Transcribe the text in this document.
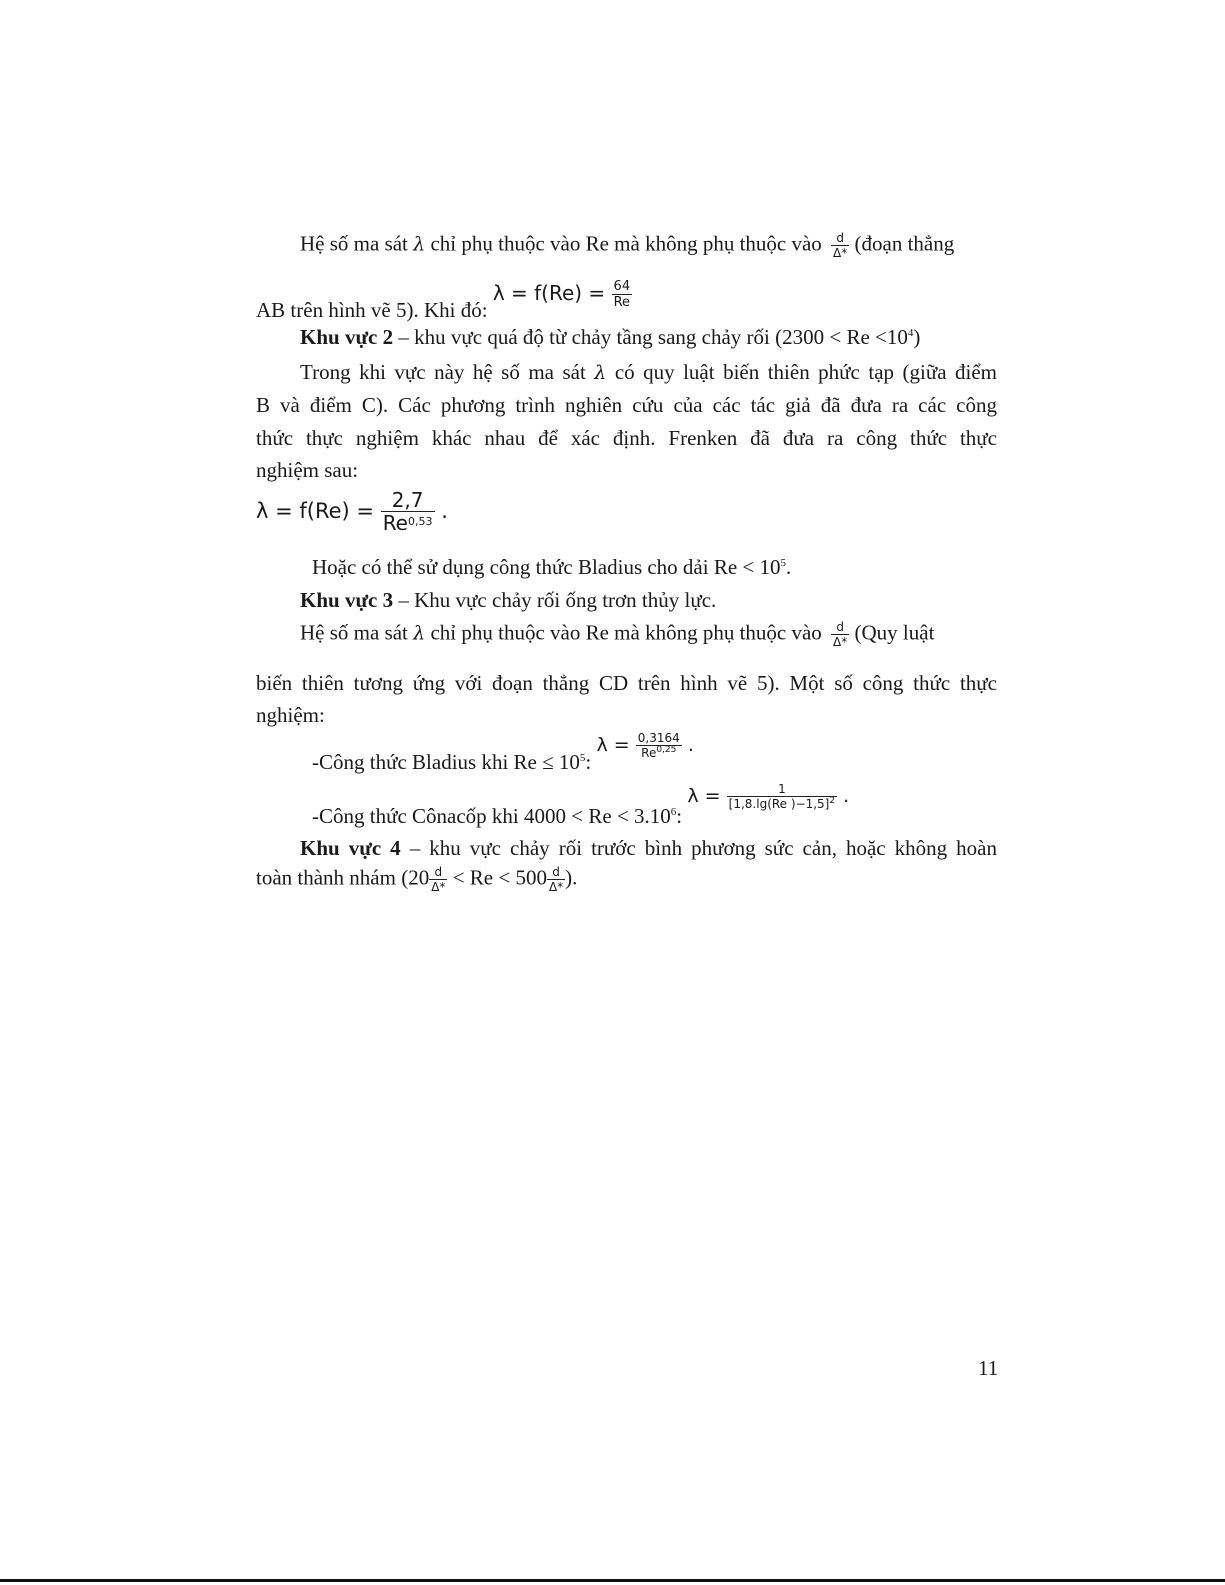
Hệ số ma sát λ chỉ phụ thuộc vào Re mà không phụ thuộc vào $\frac{d}{\Delta*}$ (đoạn thẳng
AB trên hình vẽ 5). Khi đó: $\lambda = f(Re) = \frac{64}{Re}$
Khu vực 2 – khu vực quá độ từ chảy tầng sang chảy rối $(2300 < Re <10^4)$
Trong khi vực này hệ số ma sát λ có quy luật biến thiên phức tạp (giữa điểm
B và điểm C). Các phương trình nghiên cứu của các tác giả đã đưa ra các công
thức thực nghiệm khác nhau để xác định. Frenken đã đưa ra công thức thực
nghiệm sau:
$\lambda = f(Re) = \frac{2,7}{Re^{0,53}}$ .
Hoặc có thể sử dụng công thức Bladius cho dải $Re < 10^5$.
Khu vực 3 – Khu vực chảy rối ống trơn thủy lực.
Hệ số ma sát λ chỉ phụ thuộc vào Re mà không phụ thuộc vào $\frac{d}{\Delta*} (Quy$ luật
biến thiên tương ứng với đoạn thẳng CD trên hình vẽ 5). Một số công thức thực
nghiệm:
-Công thức Bladius khi $Re \le 10^5$: $\lambda = \frac{0,3164}{Re^{0,25}}$ .
-Công thức Cônacốp khi $4000 < Re < 3.10^6$: $\lambda = \frac{1}{[1,8.\lg(Re )-1,5]^2}$ .
Khu vực 4 – khu vực chảy rối trước bình phương sức cản, hoặc không hoàn
toàn thành nhám ($20 \frac{d}{\Delta*} < Re < 500 \frac{d}{\Delta*}$ ).
11
